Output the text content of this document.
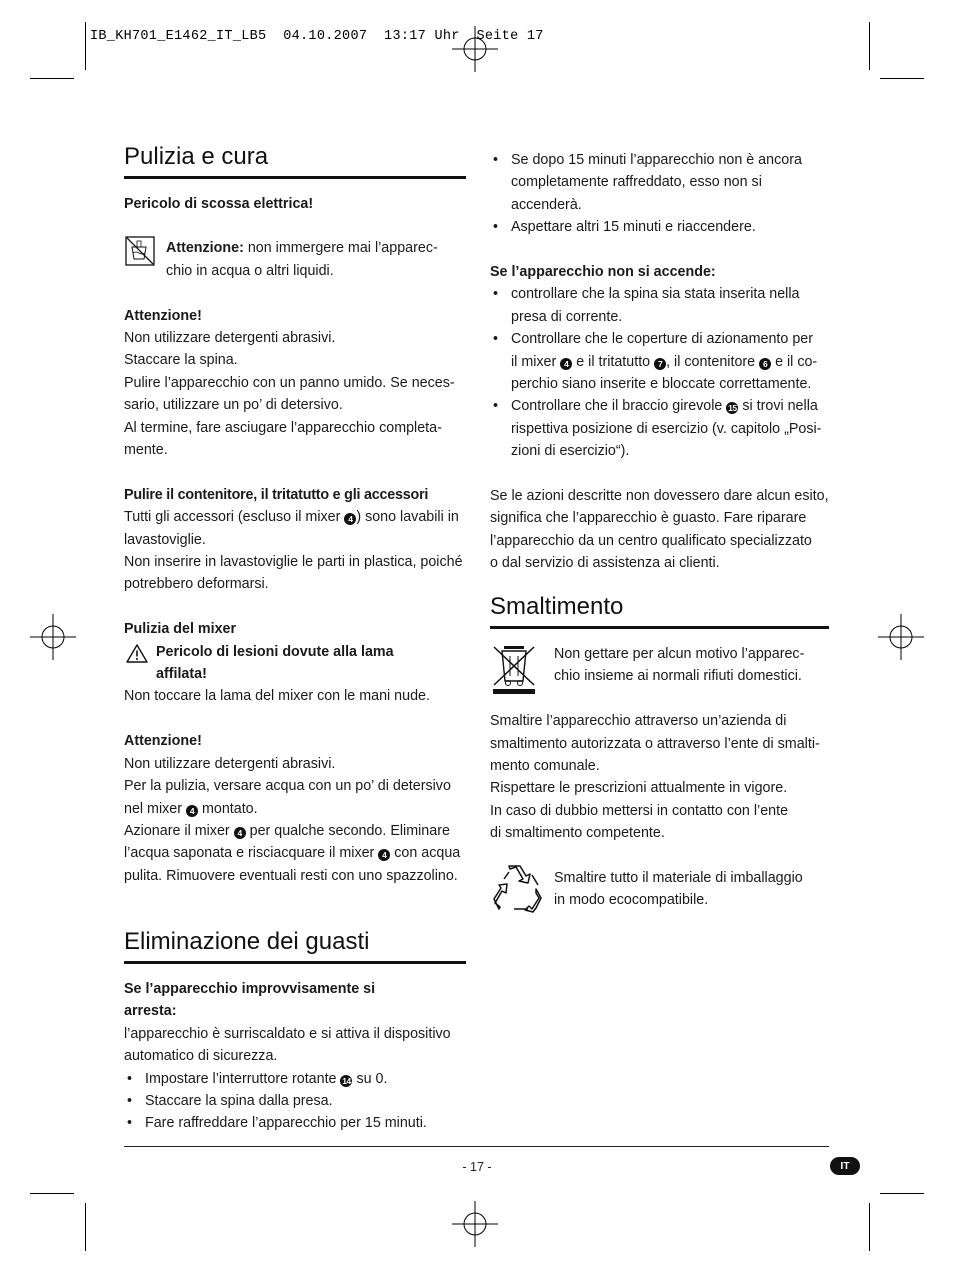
IB_KH701_E1462_IT_LB5  04.10.2007  13:17 Uhr  Seite 17
Pulizia e cura

Pericolo di scossa elettrica!

Attenzione: non immergere mai l’apparec-

chio in acqua o altri liquidi.

Attenzione!

Non utilizzare detergenti abrasivi.

Staccare la spina.

Pulire l’apparecchio con un panno umido. Se neces-

sario, utilizzare un po’ di detersivo.

Al termine, fare asciugare l’apparecchio completa-

mente.

Pulire il contenitore, il tritatutto e gli accessori

Tutti gli accessori (escluso il mixer 4 ) sono lavabili in

lavastoviglie.

Non inserire in lavastoviglie le parti in plastica, poiché

potrebbero deformarsi.

Pulizia del mixer

Pericolo di lesioni dovute alla lama

affilata!

Non toccare la lama del mixer con le mani nude.

Attenzione!

Non utilizzare detergenti abrasivi.

Per la pulizia, versare acqua con un po’ di detersivo

nel mixer 4 montato.

Azionare il mixer 4 per qualche secondo. Eliminare

l’acqua saponata e risciacquare il mixer 4 con acqua

pulita. Rimuovere eventuali resti con uno spazzolino.

Eliminazione dei guasti

Se l’apparecchio improvvisamente si

arresta:

l’apparecchio è surriscaldato e si attiva il dispositivo

automatico di sicurezza.

• Impostare l’interruttore rotante 14 su 0.
• Staccare la spina dalla presa.
• Fare raffreddare l’apparecchio per 15 minuti.
• Se dopo 15 minuti l’apparecchio non è ancora
completamente raffreddato, esso non si accenderà.
• Aspettare altri 15 minuti e riaccendere.

Se l’apparecchio non si accende:

• controllare che la spina sia stata inserita nella
presa di corrente.
• Controllare che le coperture di azionamento per
il mixer 4 e il tritatutto 7 , il contenitore 6 e il co-
perchio siano inserite e bloccate correttamente.
• Controllare che il braccio girevole 15 si trovi nella
rispettiva posizione di esercizio (v. capitolo „Posi-
zioni di esercizio“).

Se le azioni descritte non dovessero dare alcun esito,

significa che l’apparecchio è guasto. Fare riparare

l’apparecchio da un centro qualificato specializzato

o dal servizio di assistenza ai clienti.

Smaltimento

Non gettare per alcun motivo l’apparec-

chio insieme ai normali rifiuti domestici.

Smaltire l’apparecchio attraverso un’azienda di

smaltimento autorizzata o attraverso l’ente di smalti-

mento comunale.

Rispettare le prescrizioni attualmente in vigore.

In caso di dubbio mettersi in contatto con l’ente

di smaltimento competente.

Smaltire tutto il materiale di imballaggio

in modo ecocompatibile.

- 17 -	IT
